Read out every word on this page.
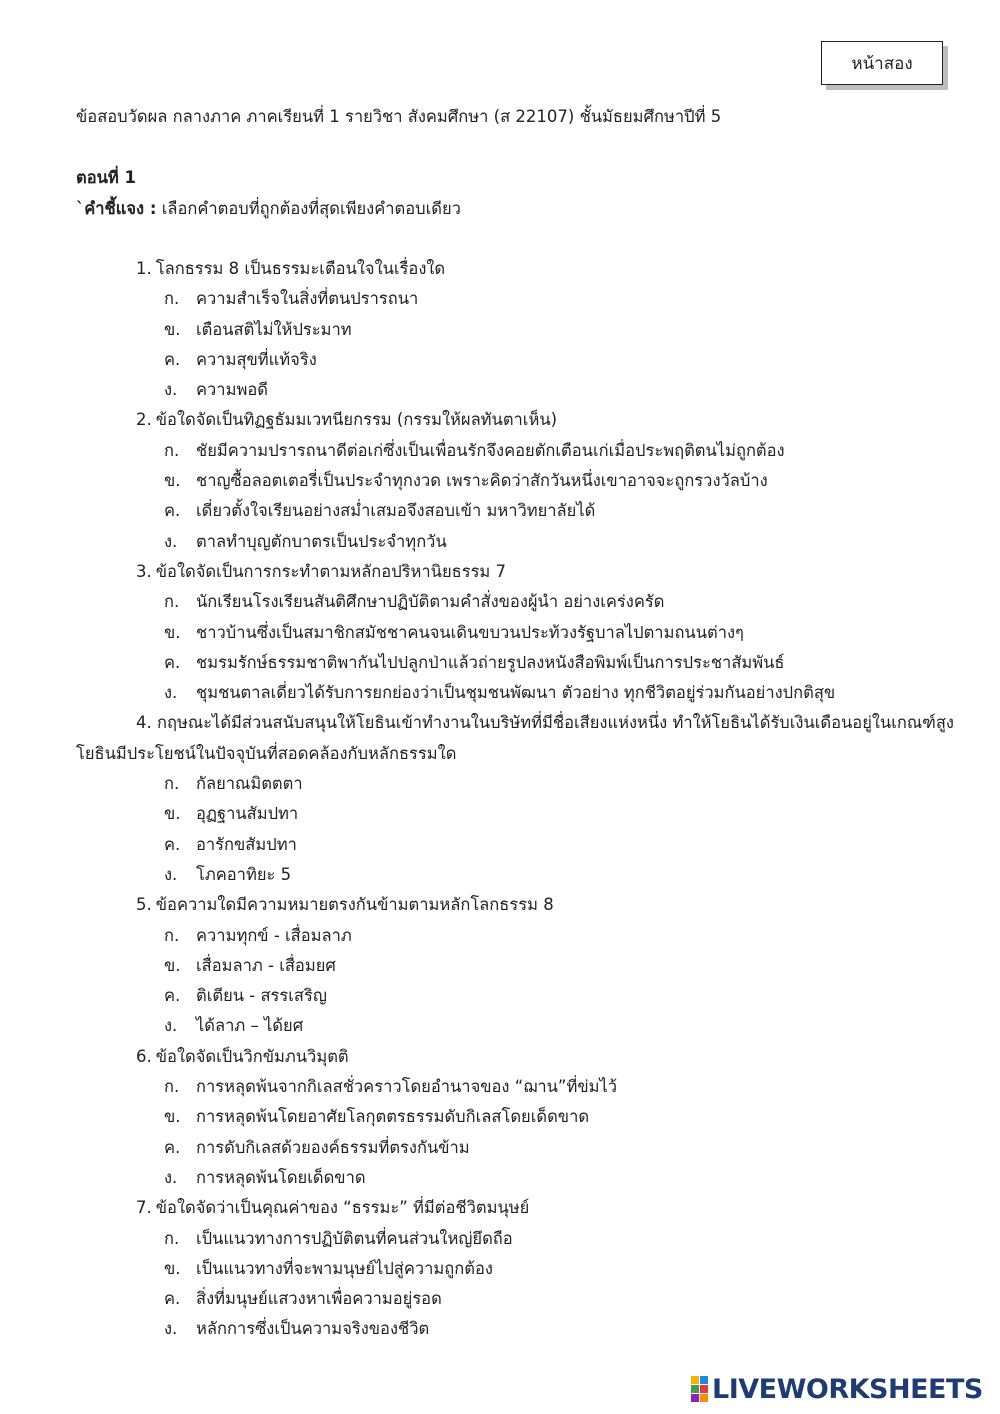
หน้าสอง
ข้อสอบวัดผล กลางภาค ภาคเรียนที่ 1 รายวิชา สังคมศึกษา (ส 22107) ชั้นมัธยมศึกษาปีที่ 5
ตอนที่ 1
`คำชี้แจง : เลือกคำตอบที่ถูกต้องที่สุดเพียงคำตอบเดียว
1. โลกธรรม 8 เป็นธรรมะเตือนใจในเรื่องใด
ก.	ความสำเร็จในสิ่งที่ตนปรารถนา
ข. เตือนสติไม่ให้ประมาท
ค. ความสุขที่แท้จริง
ง.	ความพอดี
2. ข้อใดจัดเป็นทิฏฐธัมมเวทนียกรรม (กรรมให้ผลทันตาเห็น)
ก.	ชัยมีความปรารถนาดีต่อเก่ซึ่งเป็นเพื่อนรักจึงคอยตักเตือนเก่เมื่อประพฤติตนไม่ถูกต้อง
ข. ชาญซื้อลอตเตอรี่เป็นประจำทุกงวด เพราะคิดว่าสักวันหนึ่งเขาอาจจะถูกรวงวัลบ้าง
ค. เดี่ยวตั้งใจเรียนอย่างสม่ำเสมอจึงสอบเข้า มหาวิทยาลัยได้
ง.	ตาลทำบุญตักบาตรเป็นประจำทุกวัน
3. ข้อใดจัดเป็นการกระทำตามหลักอปริหานิยธรรม 7
ก.	นักเรียนโรงเรียนสันติศึกษาปฏิบัติตามคำสั่งของผู้นำ อย่างเคร่งครัด
ข. ชาวบ้านซึ่งเป็นสมาชิกสมัชชาคนจนเดินขบวนประท้วงรัฐบาลไปตามถนนต่างๆ
ค. ชมรมรักษ์ธรรมชาติพากันไปปลูกป่าแล้วถ่ายรูปลงหนังสือพิมพ์เป็นการประชาสัมพันธ์
ง.	ชุมชนตาลเดี่ยวได้รับการยกย่องว่าเป็นชุมชนพัฒนา ตัวอย่าง ทุกชีวิตอยู่ร่วมกันอย่างปกติสุข
4. กฤษณะได้มีส่วนสนับสนุนให้โยธินเข้าทำงานในบริษัทที่มีชื่อเสียงแห่งหนึ่ง ทำให้โยธินได้รับเงินเดือนอยู่ในเกณฑ์สูง
โยธินมีประโยชน์ในปัจจุบันที่สอดคล้องกับหลักธรรมใด
ก.	กัลยาณมิตตตา
ข. อุฏฐานสัมปทา
ค. อารักขสัมปทา
ง.	โภคอาทิยะ 5
5. ข้อความใดมีความหมายตรงกันข้ามตามหลักโลกธรรม 8
ก.	ความทุกข์ - เสื่อมลาภ
ข. เสื่อมลาภ - เสื่อมยศ
ค. ติเตียน - สรรเสริญ
ง.	ได้ลาภ – ได้ยศ
6. ข้อใดจัดเป็นวิกขัมภนวิมุตติ
ก.	การหลุดพ้นจากกิเลสชั่วคราวโดยอำนาจของ “ฌาน”ที่ข่มไว้
ข. การหลุดพ้นโดยอาศัยโลกุตตรธรรมดับกิเลสโดยเด็ดขาด
ค. การดับกิเลสด้วยองค์ธรรมที่ตรงกันข้าม
ง.	การหลุดพ้นโดยเด็ดขาด
7. ข้อใดจัดว่าเป็นคุณค่าของ “ธรรมะ” ที่มีต่อชีวิตมนุษย์
ก.	เป็นแนวทางการปฏิบัติตนที่คนส่วนใหญ่ยึดถือ
ข. เป็นแนวทางที่จะพามนุษย์ไปสู่ความถูกต้อง
ค. สิ่งที่มนุษย์แสวงหาเพื่อความอยู่รอด
ง.	หลักการซึ่งเป็นความจริงของชีวิต
LIVEWORKSHEETS
